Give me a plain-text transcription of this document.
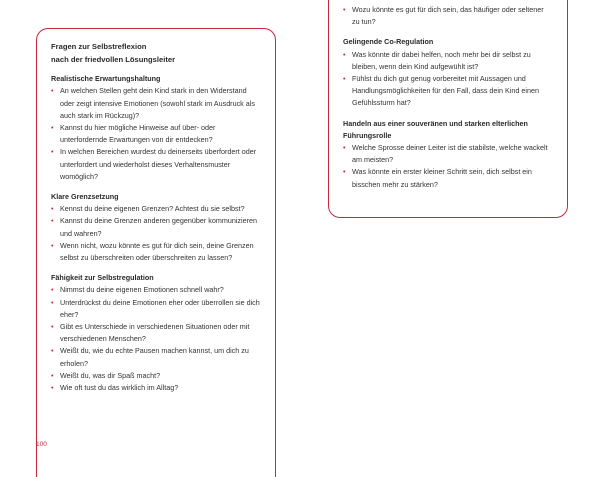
Fragen zur Selbstreflexion
nach der friedvollen Lösungsleiter
Realistische Erwartungshaltung
• An welchen Stellen geht dein Kind stark in den Widerstand oder zeigt intensive Emotionen (sowohl stark im Ausdruck als auch stark im Rückzug)?
• Kannst du hier mögliche Hinweise auf über- oder unterfordernde Erwartungen von dir entdecken?
• In welchen Bereichen wurdest du deinerseits überfordert oder unterfordert und wiederholst dieses Verhaltensmuster womöglich?
Klare Grenzsetzung
• Kennst du deine eigenen Grenzen? Achtest du sie selbst?
• Kannst du deine Grenzen anderen gegenüber kommunizieren und wahren?
• Wenn nicht, wozu könnte es gut für dich sein, deine Grenzen selbst zu überschreiten oder überschreiten zu lassen?
Fähigkeit zur Selbstregulation
• Nimmst du deine eigenen Emotionen schnell wahr?
• Unterdrückst du deine Emotionen eher oder überrollen sie dich eher?
• Gibt es Unterschiede in verschiedenen Situationen oder mit verschiedenen Menschen?
• Weißt du, wie du echte Pausen machen kannst, um dich zu erholen?
• Weißt du, was dir Spaß macht?
• Wie oft tust du das wirklich im Alltag?
• Wozu könnte es gut für dich sein, das häufiger oder seltener zu tun?
Gelingende Co-Regulation
• Was könnte dir dabei helfen, noch mehr bei dir selbst zu bleiben, wenn dein Kind aufgewühlt ist?
• Fühlst du dich gut genug vorbereitet mit Aussagen und Handlungsmöglichkeiten für den Fall, dass dein Kind einen Gefühlssturm hat?
Handeln aus einer souveränen und starken elterlichen Führungsrolle
• Welche Sprosse deiner Leiter ist die stabilste, welche wackelt am meisten?
• Was könnte ein erster kleiner Schritt sein, dich selbst ein bisschen mehr zu stärken?
100
